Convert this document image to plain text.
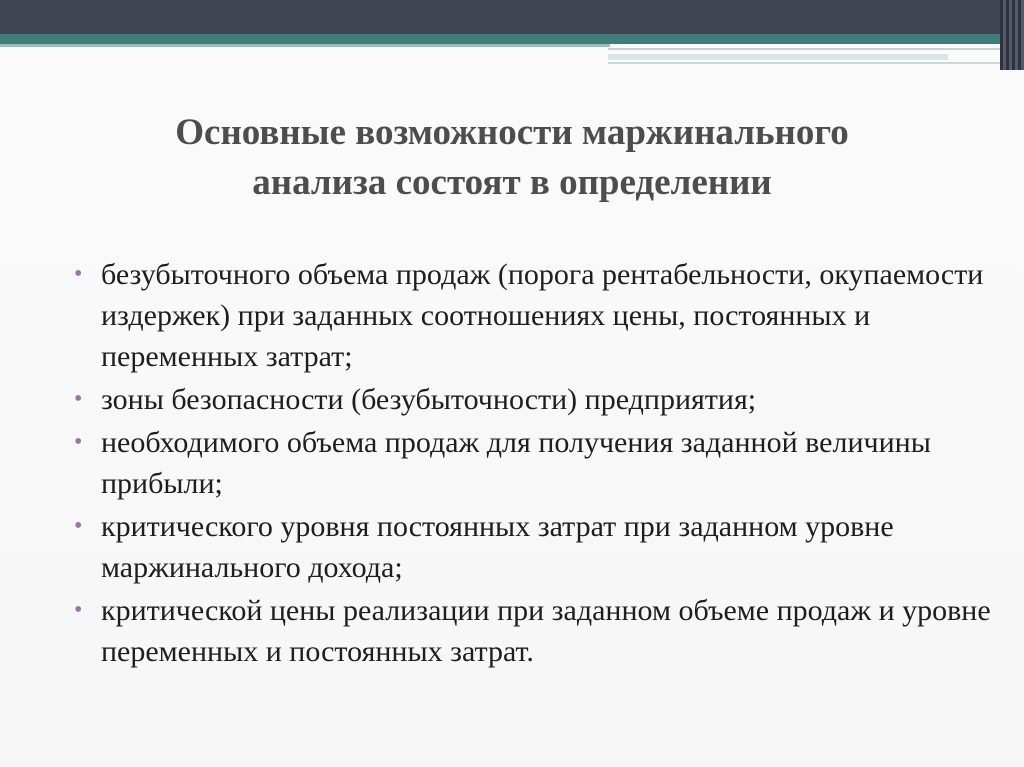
Основные возможности маржинального
анализа состоят в определении
• безубыточного объема продаж (порога рентабельности, окупаемости издержек) при заданных соотношениях цены, постоянных и переменных затрат;
• зоны безопасности (безубыточности) предприятия;
• необходимого объема продаж для получения заданной величины прибыли;
• критического уровня постоянных затрат при заданном уровне маржинального дохода;
• критической цены реализации при заданном объеме продаж и уровне переменных и постоянных затрат.
